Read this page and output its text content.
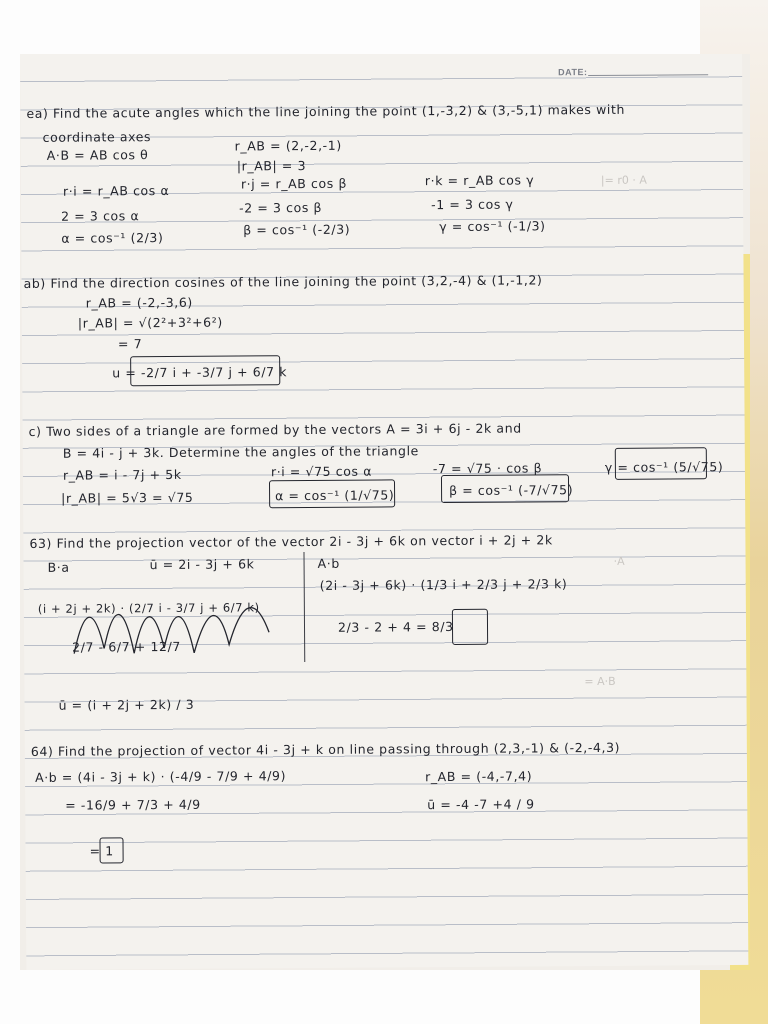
DATE:
|= r0 · A
·A
= A·B
ea) Find the acute angles which the line joining the point (1,-3,2) & (3,-5,1) makes with
coordinate axes
A·B = AB cos θ
r_AB = (2,-2,-1)
|r_AB| = 3
r·i = r_AB cos α	r·j = r_AB cos β	r·k = r_AB cos γ
2 = 3 cos α
-2 = 3 cos β	-1 = 3 cos γ
α = cos⁻¹ (2/3)
β = cos⁻¹ (-2/3)	γ = cos⁻¹ (-1/3)
ab) Find the direction cosines of the line joining the point (3,2,-4) & (1,-1,2)
r_AB = (-2,-3,6)
|r_AB| = √(2²+3²+6²)
= 7
u = -2/7 i + -3/7 j + 6/7 k
c) Two sides of a triangle are formed by the vectors A = 3i + 6j - 2k and
B = 4i - j + 3k. Determine the angles of the triangle
r_AB = i - 7j + 5k	r·i = √75 cos α	-7 = √75 · cos β
|r_AB| = 5√3 = √75	α = cos⁻¹ (1/√75)	β = cos⁻¹ (-7/√75)
γ = cos⁻¹ (5/√75)
63) Find the projection vector of the vector 2i - 3j + 6k on vector i + 2j + 2k
B·a	ū = 2i - 3j + 6k	A·b
(2i - 3j + 6k) · (1/3 i + 2/3 j + 2/3 k)
(i + 2j + 2k) · (2/7 i - 3/7 j + 6/7 k)
2/3 - 2 + 4 = 8/3
2/7 - 6/7 + 12/7
ū = (i + 2j + 2k) / 3
64) Find the projection of vector 4i - 3j + k on line passing through (2,3,-1) & (-2,-4,3)
A·b = (4i - 3j + k) · (-4/9 - 7/9 + 4/9)	r_AB = (-4,-7,4)
= -16/9 + 7/3 + 4/9	ū = -4 -7 +4 / 9
= 1
